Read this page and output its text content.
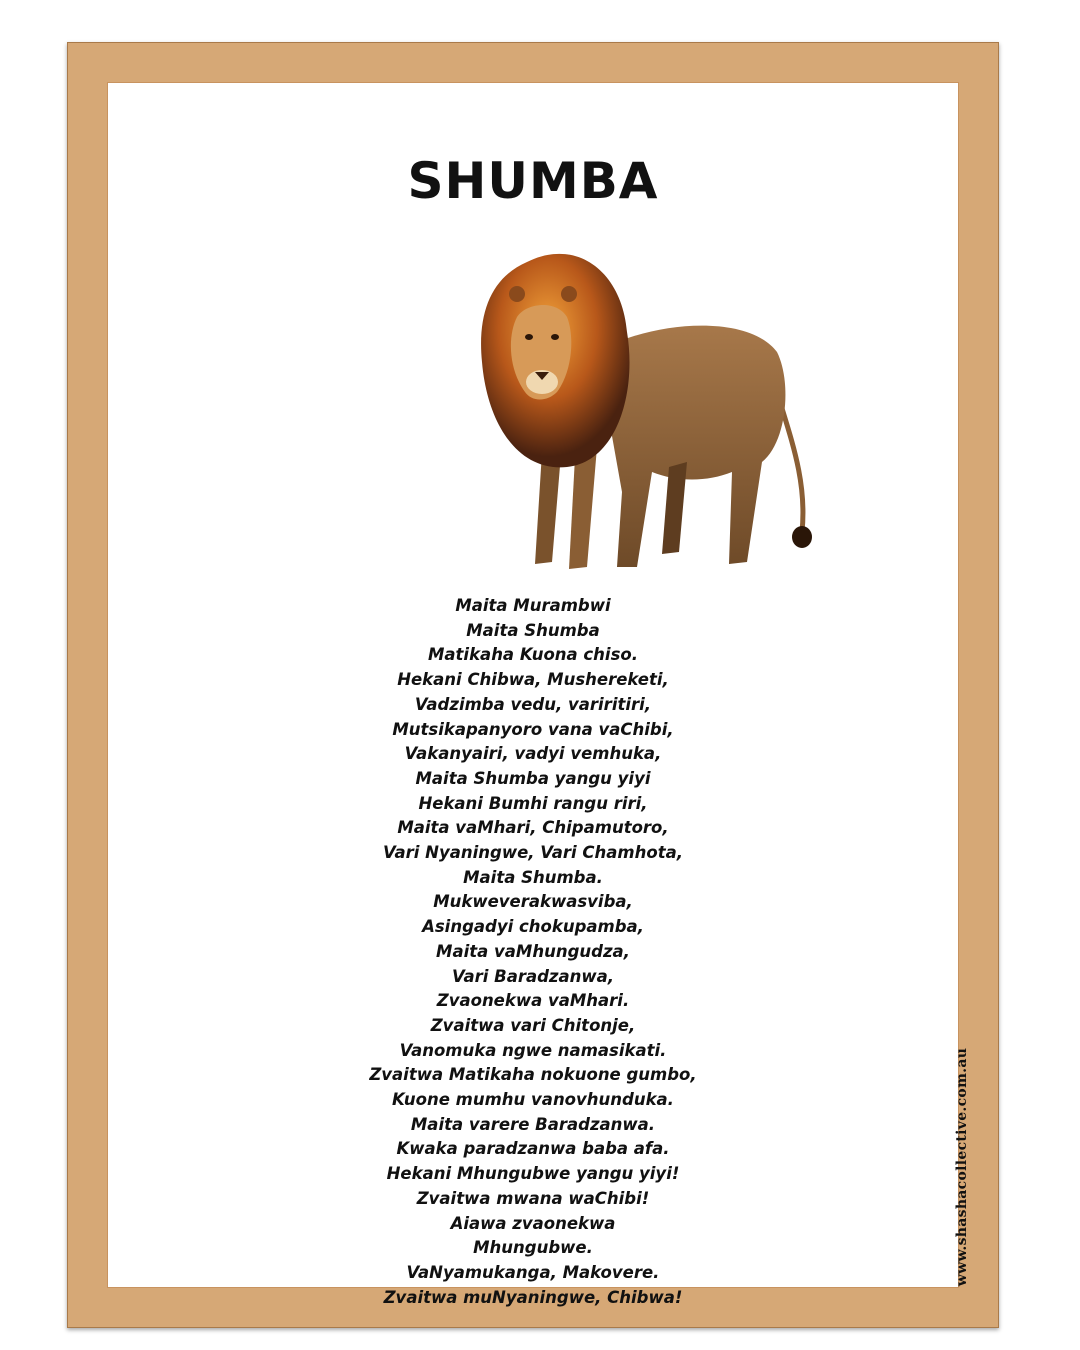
SHUMBA
Maita Murambwi
Maita Shumba
Matikaha Kuona chiso.
Hekani Chibwa, Mushereketi,
Vadzimba vedu, variritiri,
Mutsikapanyoro vana vaChibi,
Vakanyairi, vadyi vemhuka,
Maita Shumba yangu yiyi
Hekani Bumhi rangu riri,
Maita vaMhari, Chipamutoro,
Vari Nyaningwe, Vari Chamhota,
Maita Shumba.
Mukweverakwasviba,
Asingadyi chokupamba,
Maita vaMhungudza,
Vari Baradzanwa,
Zvaonekwa vaMhari.
Zvaitwa vari Chitonje,
Vanomuka ngwe namasikati.
Zvaitwa Matikaha nokuone gumbo,
Kuone mumhu vanovhunduka.
Maita varere Baradzanwa.
Kwaka paradzanwa baba afa.
Hekani Mhungubwe yangu yiyi!
Zvaitwa mwana waChibi!
Aiawa zvaonekwa
Mhungubwe.
VaNyamukanga, Makovere.
Zvaitwa muNyaningwe, Chibwa!
www.shashacollective.com.au
